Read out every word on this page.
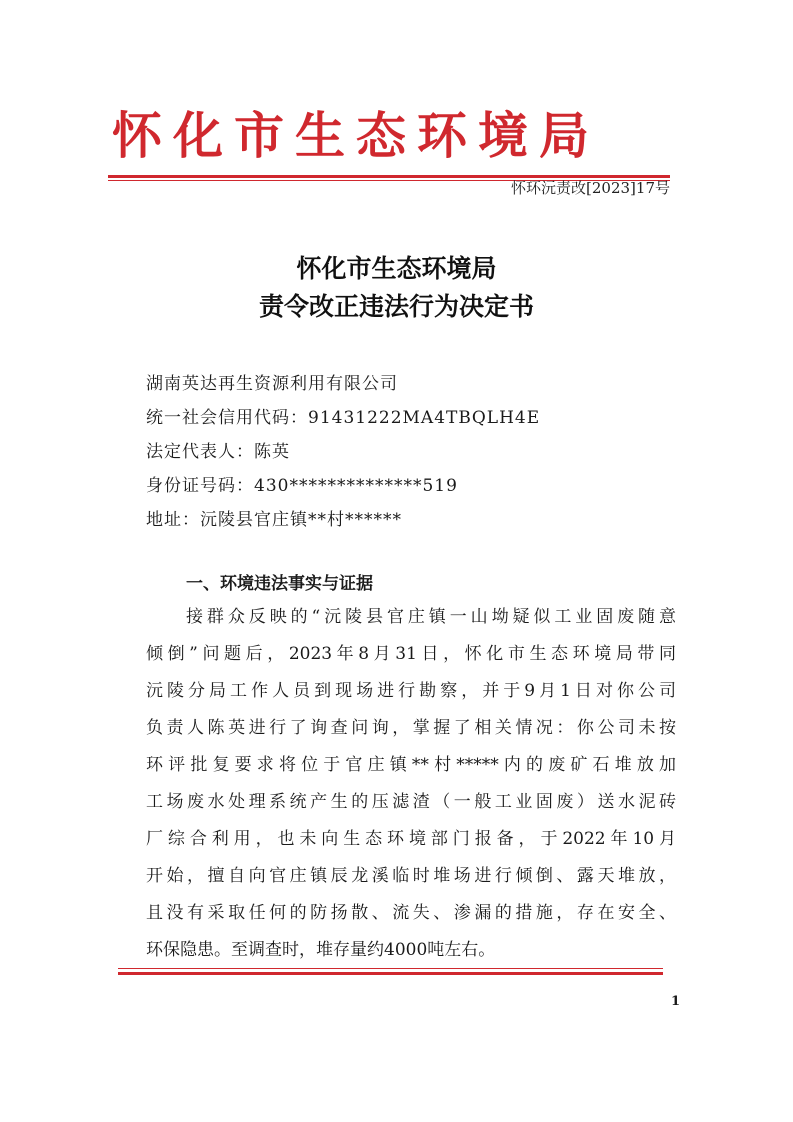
怀化市生态环境局
怀环沅责改[2023]17号
怀化市生态环境局
责令改正违法行为决定书
湖南英达再生资源利用有限公司
统一社会信用代码：91431222MA4TBQLH4E
法定代表人：陈英
身份证号码：430**************519
地址：沅陵县官庄镇**村******
一、环境违法事实与证据
接群众反映的“沅陵县官庄镇一山坳疑似工业固废随意
倾倒”问题后，2023年8月31日，怀化市生态环境局带同
沅陵分局工作人员到现场进行勘察，并于9月1日对你公司
负责人陈英进行了询查问询，掌握了相关情况：你公司未按
环评批复要求将位于官庄镇**村*****内的废矿石堆放加
工场废水处理系统产生的压滤渣（一般工业固废）送水泥砖
厂综合利用，也未向生态环境部门报备，于2022年10月
开始，擅自向官庄镇辰龙溪临时堆场进行倾倒、露天堆放，
且没有采取任何的防扬散、流失、渗漏的措施，存在安全、
环保隐患。至调查时，堆存量约4000吨左右。
1
